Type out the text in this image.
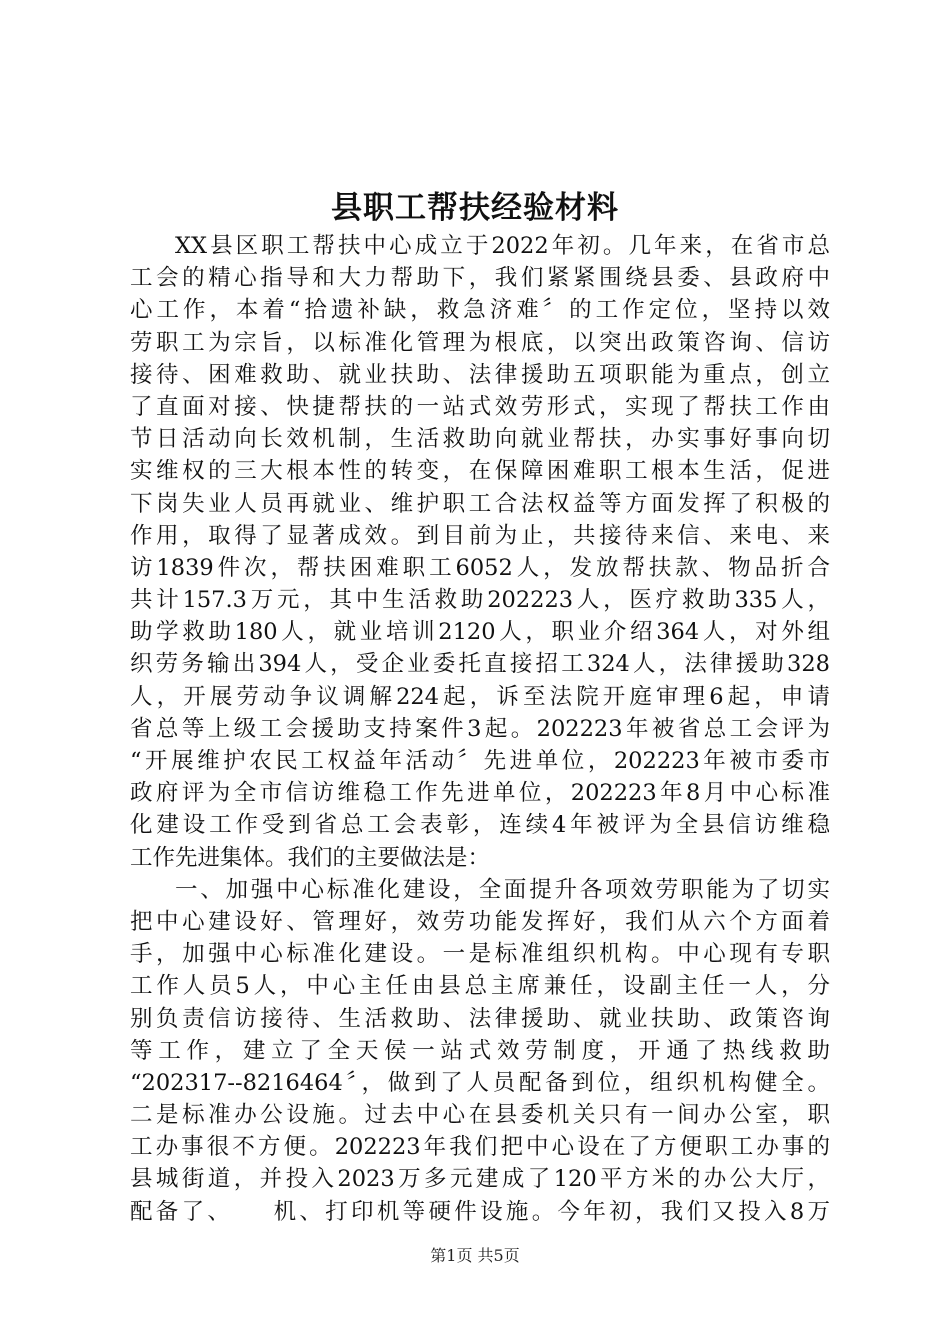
县职工帮扶经验材料
XX县区职工帮扶中心成立于2022年初。几年来，在省市总
工会的精心指导和大力帮助下，我们紧紧围绕县委、县政府中
心工作，本着“拾遗补缺，救急济难〞的工作定位，坚持以效
劳职工为宗旨，以标准化管理为根底，以突出政策咨询、信访
接待、困难救助、就业扶助、法律援助五项职能为重点，创立
了直面对接、快捷帮扶的一站式效劳形式，实现了帮扶工作由
节日活动向长效机制，生活救助向就业帮扶，办实事好事向切
实维权的三大根本性的转变，在保障困难职工根本生活，促进
下岗失业人员再就业、维护职工合法权益等方面发挥了积极的
作用，取得了显著成效。到目前为止，共接待来信、来电、来
访1839件次，帮扶困难职工6052人，发放帮扶款、物品折合
共计157.3万元，其中生活救助202223人，医疗救助335人，
助学救助180人，就业培训2120人，职业介绍364人，对外组
织劳务输出394人，受企业委托直接招工324人，法律援助328
人，开展劳动争议调解224起，诉至法院开庭审理6起，申请
省总等上级工会援助支持案件3起。202223年被省总工会评为
“开展维护农民工权益年活动〞先进单位，202223年被市委市
政府评为全市信访维稳工作先进单位，202223年8月中心标准
化建设工作受到省总工会表彰，连续4年被评为全县信访维稳
工作先进集体。我们的主要做法是：
一、加强中心标准化建设，全面提升各项效劳职能为了切实
把中心建设好、管理好，效劳功能发挥好，我们从六个方面着
手，加强中心标准化建设。一是标准组织机构。中心现有专职
工作人员5人，中心主任由县总主席兼任，设副主任一人，分
别负责信访接待、生活救助、法律援助、就业扶助、政策咨询
等工作，建立了全天侯一站式效劳制度，开通了热线救助
“202317--8216464〞，做到了人员配备到位，组织机构健全。
二是标准办公设施。过去中心在县委机关只有一间办公室，职
工办事很不方便。202223年我们把中心设在了方便职工办事的
县城街道，并投入2023万多元建成了120平方米的办公大厅，
配备了、　　机、打印机等硬件设施。今年初，我们又投入8万
第1页 共5页
